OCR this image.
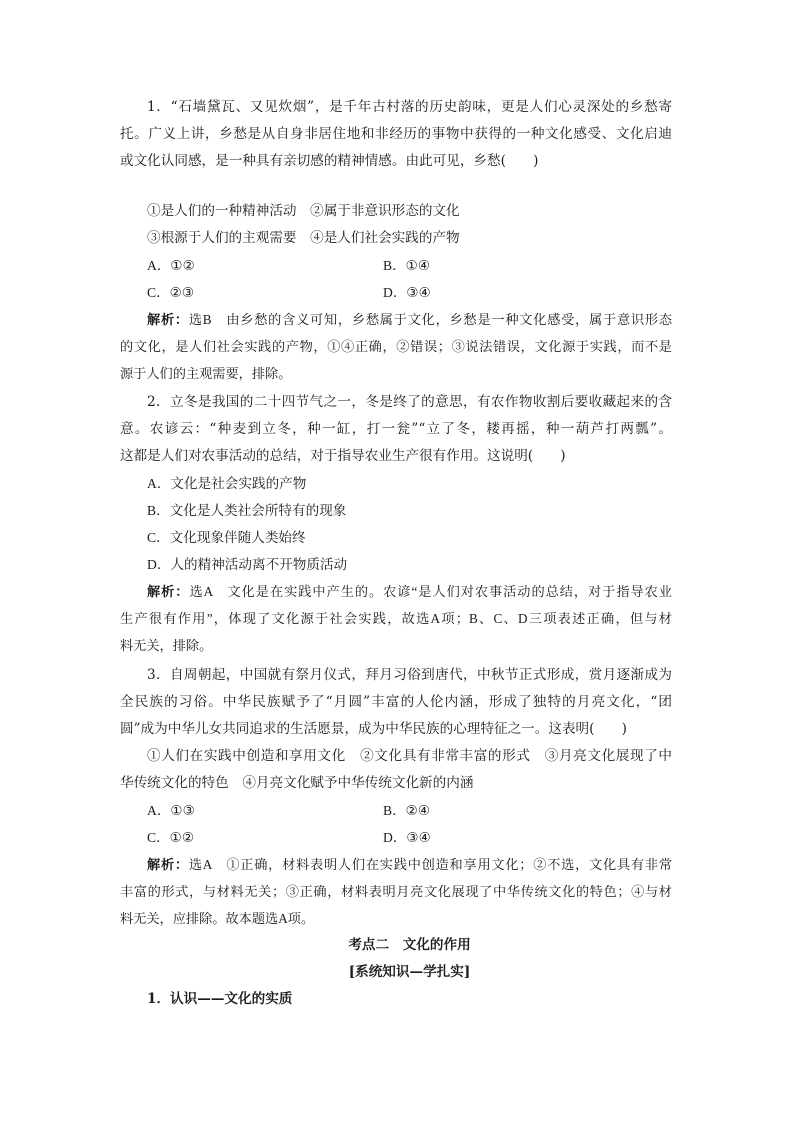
1．“石墙黛瓦、又见炊烟”，是千年古村落的历史韵味，更是人们心灵深处的乡愁寄
托。广义上讲，乡愁是从自身非居住地和非经历的事物中获得的一种文化感受、文化启迪
或文化认同感，是一种具有亲切感的精神情感。由此可见，乡愁(　　)
①是人们的一种精神活动　②属于非意识形态的文化
③根源于人们的主观需要　④是人们社会实践的产物
A．①②	B．①④
C．②③	D．③④
解析：选B　由乡愁的含义可知，乡愁属于文化，乡愁是一种文化感受，属于意识形态
的文化，是人们社会实践的产物，①④正确，②错误；③说法错误，文化源于实践，而不是
源于人们的主观需要，排除。
2．立冬是我国的二十四节气之一，冬是终了的意思，有农作物收割后要收藏起来的含
意。农谚云：“种麦到立冬，种一缸，打一瓮”“立了冬，耧再摇，种一葫芦打两瓢”。
这都是人们对农事活动的总结，对于指导农业生产很有作用。这说明(　　)
A．文化是社会实践的产物
B．文化是人类社会所特有的现象
C．文化现象伴随人类始终
D．人的精神活动离不开物质活动
解析：选A　文化是在实践中产生的。农谚“是人们对农事活动的总结，对于指导农业
生产很有作用”，体现了文化源于社会实践，故选A项；B、C、D三项表述正确，但与材
料无关，排除。
3．自周朝起，中国就有祭月仪式，拜月习俗到唐代，中秋节正式形成，赏月逐渐成为
全民族的习俗。中华民族赋予了“月圆”丰富的人伦内涵，形成了独特的月亮文化，“团
圆”成为中华儿女共同追求的生活愿景，成为中华民族的心理特征之一。这表明(　　)
①人们在实践中创造和享用文化　②文化具有非常丰富的形式　③月亮文化展现了中
华传统文化的特色　④月亮文化赋予中华传统文化新的内涵
A．①③	B．②④
C．①②	D．③④
解析：选A　①正确，材料表明人们在实践中创造和享用文化；②不选，文化具有非常
丰富的形式，与材料无关；③正确，材料表明月亮文化展现了中华传统文化的特色；④与材
料无关，应排除。故本题选A项。
考点二　文化的作用
[系统知识—学扎实]
1．认识——文化的实质
